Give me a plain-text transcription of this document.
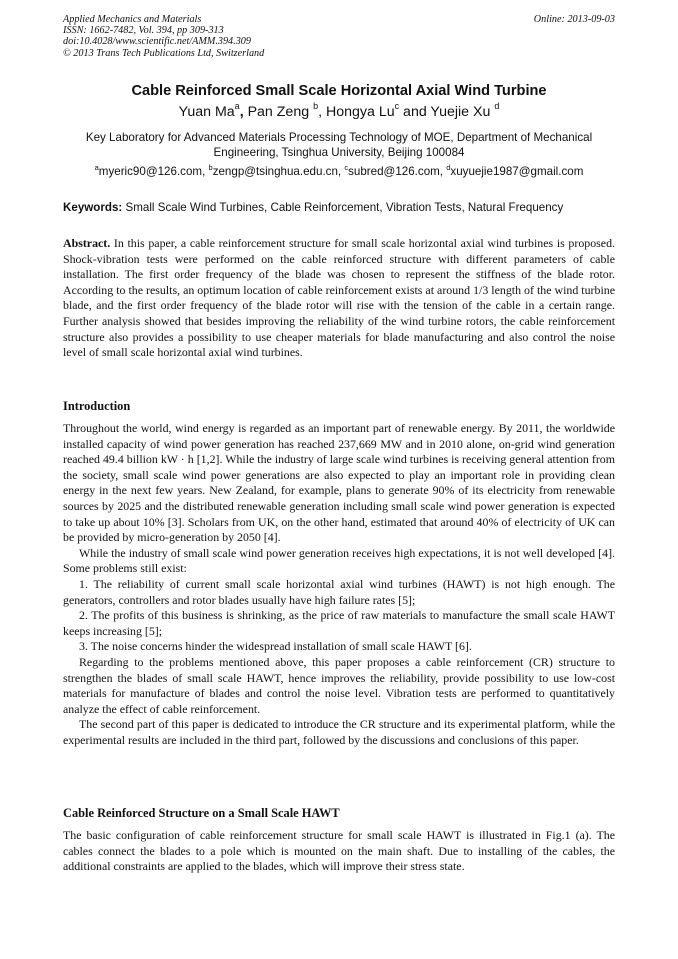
Applied Mechanics and Materials
ISSN: 1662-7482, Vol. 394, pp 309-313
doi:10.4028/www.scientific.net/AMM.394.309
© 2013 Trans Tech Publications Ltd, Switzerland
Online: 2013-09-03
Cable Reinforced Small Scale Horizontal Axial Wind Turbine
Yuan Ma$^a$, Pan Zeng $^b$, Hongya Lu$^c$ and Yuejie Xu $^d$
Key Laboratory for Advanced Materials Processing Technology of MOE, Department of Mechanical Engineering, Tsinghua University, Beijing 100084
$^a$myeric90@126.com, $^b$zengp@tsinghua.edu.cn, $^c$subred@126.com, $^d$xuyuejie1987@gmail.com
Keywords: Small Scale Wind Turbines, Cable Reinforcement, Vibration Tests, Natural Frequency
Abstract. In this paper, a cable reinforcement structure for small scale horizontal axial wind turbines is proposed. Shock-vibration tests were performed on the cable reinforced structure with different parameters of cable installation. The first order frequency of the blade was chosen to represent the stiffness of the blade rotor. According to the results, an optimum location of cable reinforcement exists at around 1/3 length of the wind turbine blade, and the first order frequency of the blade rotor will rise with the tension of the cable in a certain range. Further analysis showed that besides improving the reliability of the wind turbine rotors, the cable reinforcement structure also provides a possibility to use cheaper materials for blade manufacturing and also control the noise level of small scale horizontal axial wind turbines.
Introduction

Throughout the world, wind energy is regarded as an important part of renewable energy. By 2011, the worldwide installed capacity of wind power generation has reached 237,669 MW and in 2010 alone, on-grid wind generation reached 49.4 billion kW · h [1,2]. While the industry of large scale wind turbines is receiving general attention from the society, small scale wind power generations are also expected to play an important role in providing clean energy in the next few years. New Zealand, for example, plans to generate 90% of its electricity from renewable sources by 2025 and the distributed renewable generation including small scale wind power generation is expected to take up about 10% [3]. Scholars from UK, on the other hand, estimated that around 40% of electricity of UK can be provided by micro-generation by 2050 [4].

While the industry of small scale wind power generation receives high expectations, it is not well developed [4]. Some problems still exist:

1. The reliability of current small scale horizontal axial wind turbines (HAWT) is not high enough. The generators, controllers and rotor blades usually have high failure rates [5];

2. The profits of this business is shrinking, as the price of raw materials to manufacture the small scale HAWT keeps increasing [5];

3. The noise concerns hinder the widespread installation of small scale HAWT [6].

Regarding to the problems mentioned above, this paper proposes a cable reinforcement (CR) structure to strengthen the blades of small scale HAWT, hence improves the reliability, provide possibility to use low-cost materials for manufacture of blades and control the noise level. Vibration tests are performed to quantitatively analyze the effect of cable reinforcement.

The second part of this paper is dedicated to introduce the CR structure and its experimental platform, while the experimental results are included in the third part, followed by the discussions and conclusions of this paper.

Cable Reinforced Structure on a Small Scale HAWT

The basic configuration of cable reinforcement structure for small scale HAWT is illustrated in Fig.1 (a). The cables connect the blades to a pole which is mounted on the main shaft. Due to installing of the cables, the additional constraints are applied to the blades, which will improve their stress state.
